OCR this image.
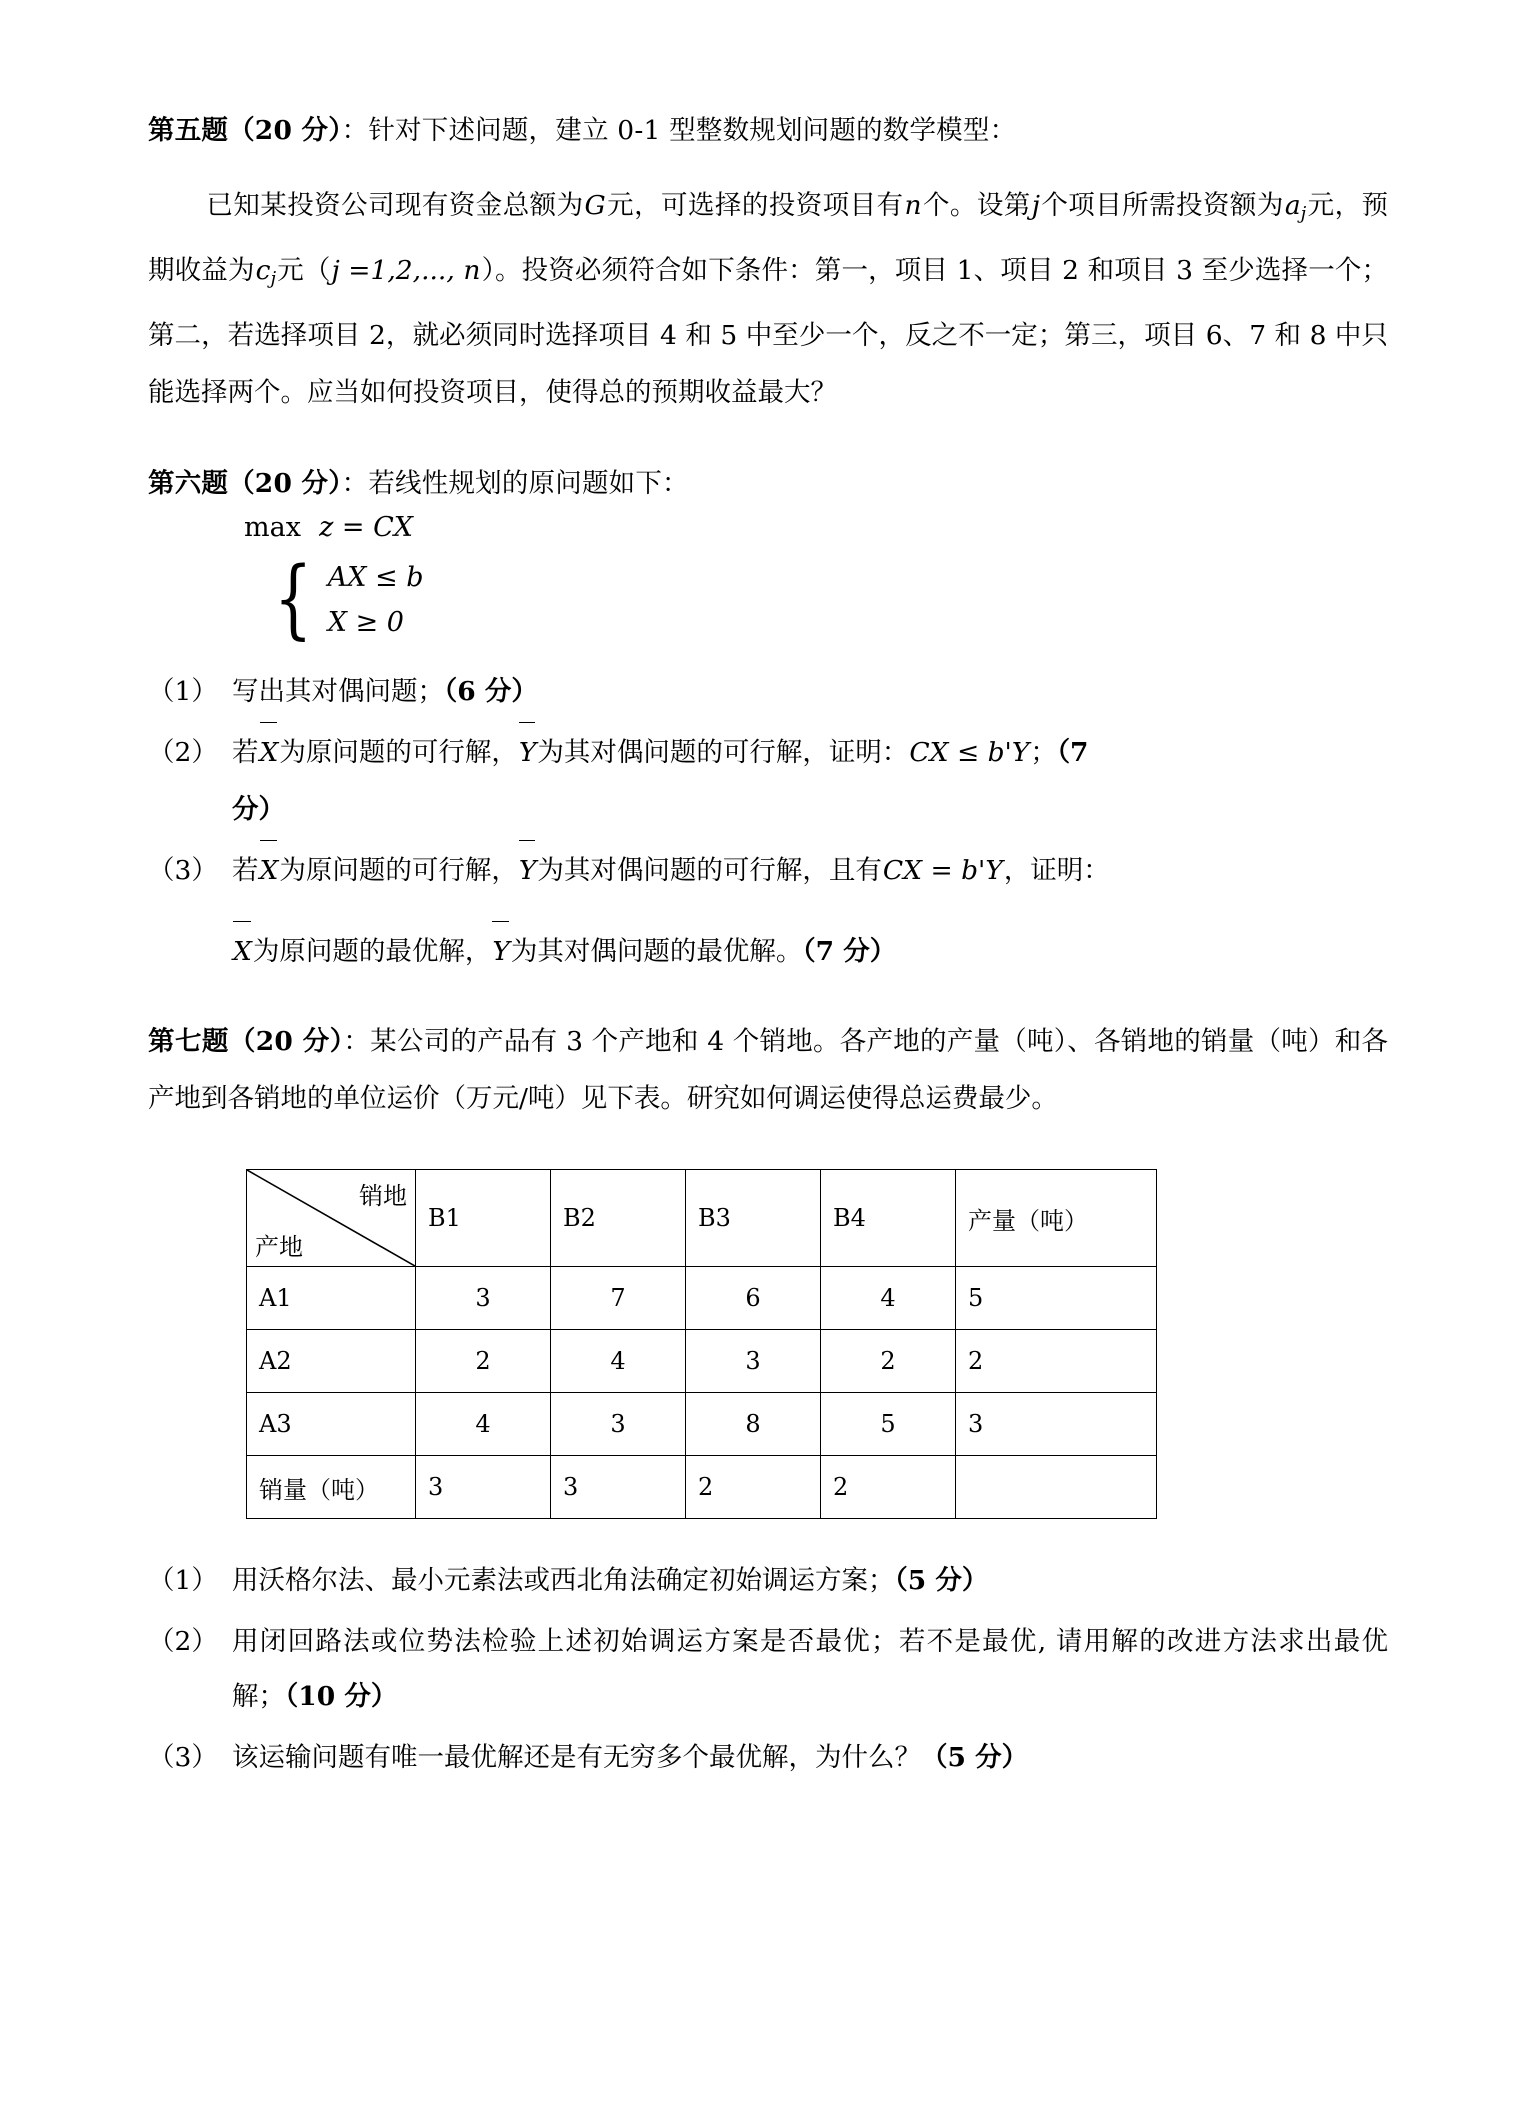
第五题（20 分）：针对下述问题，建立 0-1 型整数规划问题的数学模型：
已知某投资公司现有资金总额为G元，可选择的投资项目有n个。设第j个项目所需投资额为$a_j$元，预期收益为$c_j$元（j =1,2,..., n）。投资必须符合如下条件：第一，项目 1、项目 2 和项目 3 至少选择一个；第二，若选择项目 2，就必须同时选择项目 4 和 5 中至少一个，反之不一定；第三，项目 6、7 和 8 中只能选择两个。应当如何投资项目，使得总的预期收益最大？
第六题（20 分）：若线性规划的原问题如下：
max z = CX
{ AX ≤ b
X ≥ 0
（1） 写出其对偶问题；（6 分）
（2） 若X为原问题的可行解，Y为其对偶问题的可行解，证明：CX ≤ b'Y；（7
分）
（3） 若X为原问题的可行解，Y为其对偶问题的可行解，且有CX = b'Y，证明：
X为原问题的最优解，Y为其对偶问题的最优解。（7 分）
第七题（20 分）：某公司的产品有 3 个产地和 4 个销地。各产地的产量（吨）、各销地的销量（吨）和各产地到各销地的单位运价（万元/吨）见下表。研究如何调运使得总运费最少。
销地
产地	B1	B2	B3	B4	产量（吨）
A1	3	7	6	4	5
A2	2	4	3	2	2
A3	4	3	8	5	3
销量（吨）	3	3	2	2	
（1） 用沃格尔法、最小元素法或西北角法确定初始调运方案；（5 分）
（2） 用闭回路法或位势法检验上述初始调运方案是否最优；若不是最优, 请用解的改进方法求出最优解；（10 分）
（3） 该运输问题有唯一最优解还是有无穷多个最优解，为什么？（5 分）
